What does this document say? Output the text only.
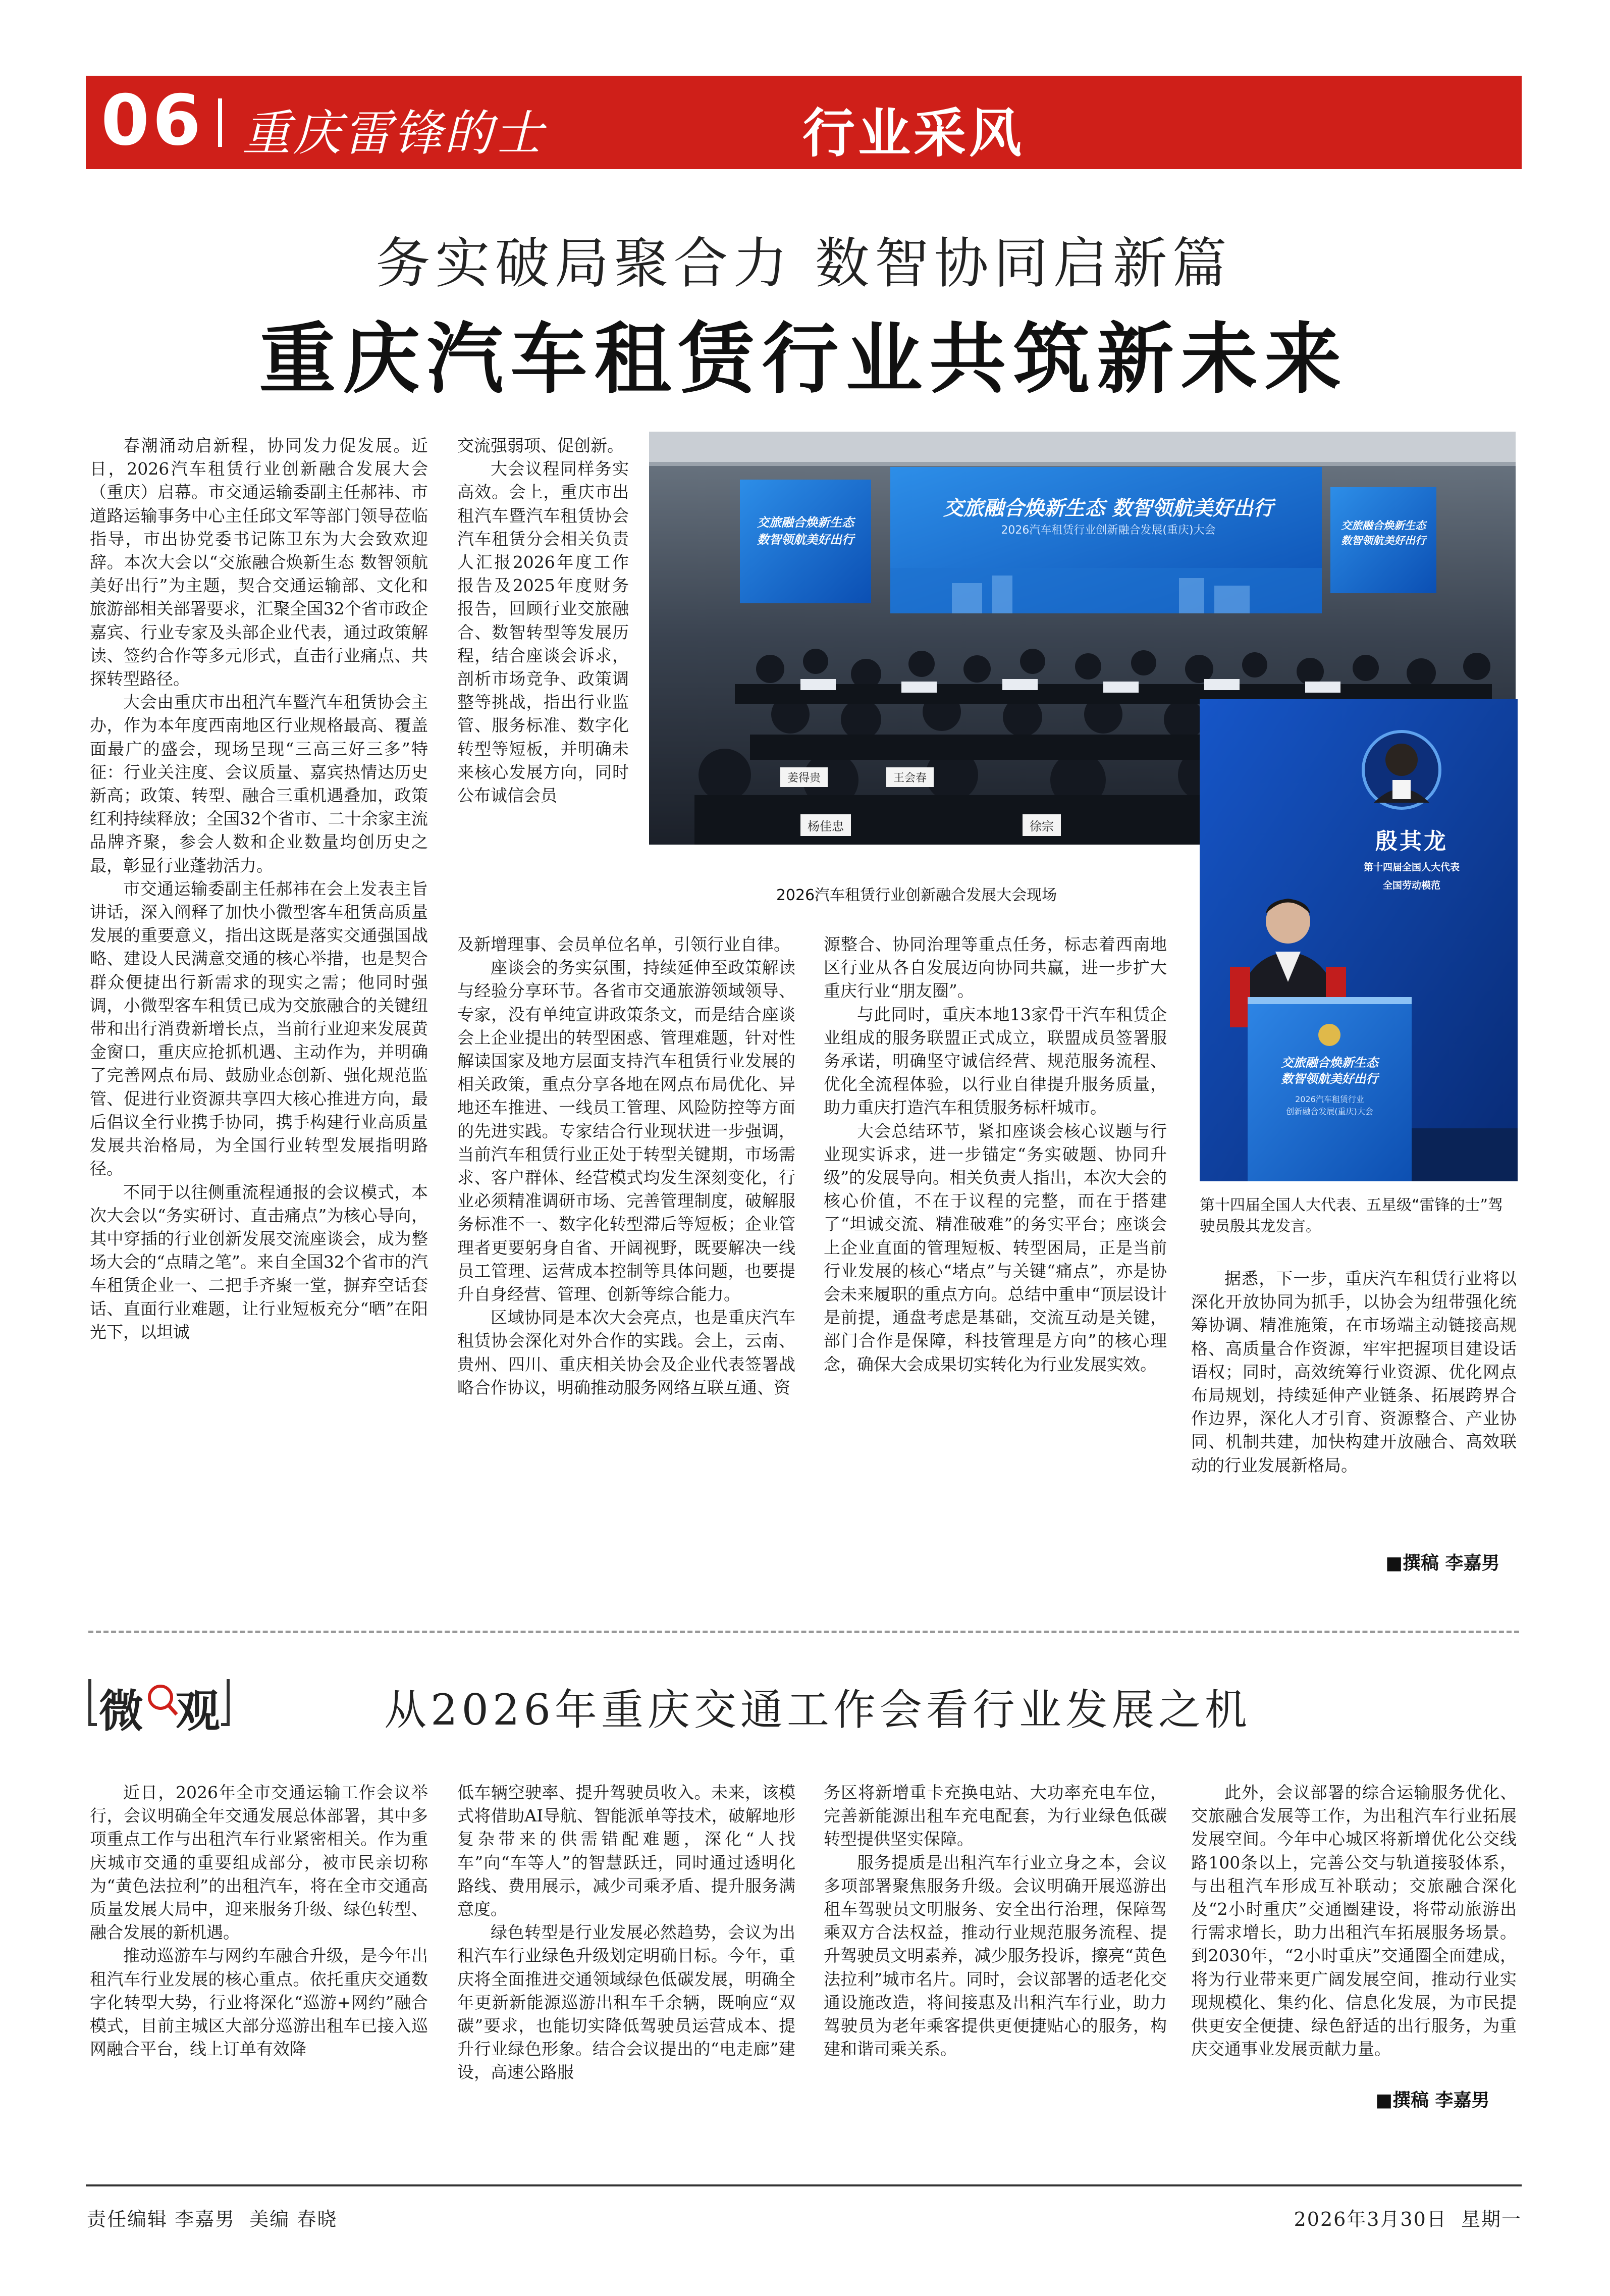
06 重庆雷锋的士	行业采风
务实破局聚合力 数智协同启新篇
重庆汽车租赁行业共筑新未来

春潮涌动启新程，协同发力促发展。近日，2026汽车租赁行业创新融合发展大会（重庆）启幕。市交通运输委副主任郝祎、市道路运输事务中心主任邱文军等部门领导莅临指导，市出协党委书记陈卫东为大会致欢迎辞。本次大会以“交旅融合焕新生态 数智领航美好出行”为主题，契合交通运输部、文化和旅游部相关部署要求，汇聚全国32个省市政企嘉宾、行业专家及头部企业代表，通过政策解读、签约合作等多元形式，直击行业痛点、共探转型路径。

大会由重庆市出租汽车暨汽车租赁协会主办，作为本年度西南地区行业规格最高、覆盖面最广的盛会，现场呈现“三高三好三多”特征：行业关注度、会议质量、嘉宾热情达历史新高；政策、转型、融合三重机遇叠加，政策红利持续释放；全国32个省市、二十余家主流品牌齐聚，参会人数和企业数量均创历史之最，彰显行业蓬勃活力。

市交通运输委副主任郝祎在会上发表主旨讲话，深入阐释了加快小微型客车租赁高质量发展的重要意义，指出这既是落实交通强国战略、建设人民满意交通的核心举措，也是契合群众便捷出行新需求的现实之需；他同时强调，小微型客车租赁已成为交旅融合的关键纽带和出行消费新增长点，当前行业迎来发展黄金窗口，重庆应抢抓机遇、主动作为，并明确了完善网点布局、鼓励业态创新、强化规范监管、促进行业资源共享四大核心推进方向，最后倡议全行业携手协同，携手构建行业高质量发展共治格局，为全国行业转型发展指明路径。

不同于以往侧重流程通报的会议模式，本次大会以“务实研讨、直击痛点”为核心导向，其中穿插的行业创新发展交流座谈会，成为整场大会的“点睛之笔”。来自全国32个省市的汽车租赁企业一、二把手齐聚一堂，摒弃空话套话、直面行业难题，让行业短板充分“晒”在阳光下，以坦诚

交流强弱项、促创新。

大会议程同样务实高效。会上，重庆市出租汽车暨汽车租赁协会汽车租赁分会相关负责人汇报2026年度工作报告及2025年度财务报告，回顾行业交旅融合、数智转型等发展历程，结合座谈会诉求，剖析市场竞争、政策调整等挑战，指出行业监管、服务标准、数字化转型等短板，并明确未来核心发展方向，同时公布诚信会员

及新增理事、会员单位名单，引领行业自律。

座谈会的务实氛围，持续延伸至政策解读与经验分享环节。各省市交通旅游领域领导、专家，没有单纯宣讲政策条文，而是结合座谈会上企业提出的转型困惑、管理难题，针对性解读国家及地方层面支持汽车租赁行业发展的相关政策，重点分享各地在网点布局优化、异地还车推进、一线员工管理、风险防控等方面的先进实践。专家结合行业现状进一步强调，当前汽车租赁行业正处于转型关键期，市场需求、客户群体、经营模式均发生深刻变化，行业必须精准调研市场、完善管理制度，破解服务标准不一、数字化转型滞后等短板；企业管理者更要躬身自省、开阔视野，既要解决一线员工管理、运营成本控制等具体问题，也要提升自身经营、管理、创新等综合能力。

区域协同是本次大会亮点，也是重庆汽车租赁协会深化对外合作的实践。会上，云南、贵州、四川、重庆相关协会及企业代表签署战略合作协议，明确推动服务网络互联互通、资

源整合、协同治理等重点任务，标志着西南地区行业从各自发展迈向协同共赢，进一步扩大重庆行业“朋友圈”。

与此同时，重庆本地13家骨干汽车租赁企业组成的服务联盟正式成立，联盟成员签署服务承诺，明确坚守诚信经营、规范服务流程、优化全流程体验，以行业自律提升服务质量，助力重庆打造汽车租赁服务标杆城市。

大会总结环节，紧扣座谈会核心议题与行业现实诉求，进一步锚定“务实破题、协同升级”的发展导向。相关负责人指出，本次大会的核心价值，不在于议程的完整，而在于搭建了“坦诚交流、精准破难”的务实平台；座谈会上企业直面的管理短板、转型困局，正是当前行业发展的核心“堵点”与关键“痛点”，亦是协会未来履职的重点方向。总结中重申“顶层设计是前提，通盘考虑是基础，交流互动是关键，部门合作是保障，科技管理是方向”的核心理念，确保大会成果切实转化为行业发展实效。

据悉，下一步，重庆汽车租赁行业将以深化开放协同为抓手，以协会为纽带强化统筹协调、精准施策，在市场端主动链接高规格、高质量合作资源，牢牢把握项目建设话语权；同时，高效统筹行业资源、优化网点布局规划，持续延伸产业链条、拓展跨界合作边界，深化人才引育、资源整合、产业协同、机制共建，加快构建开放融合、高效联动的行业发展新格局。

■撰稿 李嘉男
交旅融合焕新生态 数智领航美好出行
2026汽车租赁行业创新融合发展(重庆)大会
交旅融合焕新生态
数智领航美好出行
交旅融合焕新生态
数智领航美好出行
姜得贵	王会春
杨佳忠	徐宗
2026汽车租赁行业创新融合发展大会现场
殷其龙
第十四届全国人大代表
全国劳动模范
交旅融合焕新生态
数智领航美好出行
2026汽车租赁行业
创新融合发展(重庆)大会
第十四届全国人大代表、五星级“雷锋的士”驾驶员殷其龙发言。
微 观	从2026年重庆交通工作会看行业发展之机

近日，2026年全市交通运输工作会议举行，会议明确全年交通发展总体部署，其中多项重点工作与出租汽车行业紧密相关。作为重庆城市交通的重要组成部分，被市民亲切称为“黄色法拉利”的出租汽车，将在全市交通高质量发展大局中，迎来服务升级、绿色转型、融合发展的新机遇。

推动巡游车与网约车融合升级，是今年出租汽车行业发展的核心重点。依托重庆交通数字化转型大势，行业将深化“巡游+网约”融合模式，目前主城区大部分巡游出租车已接入巡网融合平台，线上订单有效降

低车辆空驶率、提升驾驶员收入。未来，该模式将借助AI导航、智能派单等技术，破解地形复杂带来的供需错配难题，深化“人找车”向“车等人”的智慧跃迁，同时通过透明化路线、费用展示，减少司乘矛盾、提升服务满意度。

绿色转型是行业发展必然趋势，会议为出租汽车行业绿色升级划定明确目标。今年，重庆将全面推进交通领域绿色低碳发展，明确全年更新新能源巡游出租车千余辆，既响应“双碳”要求，也能切实降低驾驶员运营成本、提升行业绿色形象。结合会议提出的“电走廊”建设，高速公路服

务区将新增重卡充换电站、大功率充电车位，完善新能源出租车充电配套，为行业绿色低碳转型提供坚实保障。

服务提质是出租汽车行业立身之本，会议多项部署聚焦服务升级。会议明确开展巡游出租车驾驶员文明服务、安全出行治理，保障驾乘双方合法权益，推动行业规范服务流程、提升驾驶员文明素养，减少服务投诉，擦亮“黄色法拉利”城市名片。同时，会议部署的适老化交通设施改造，将间接惠及出租汽车行业，助力驾驶员为老年乘客提供更便捷贴心的服务，构建和谐司乘关系。

此外，会议部署的综合运输服务优化、交旅融合发展等工作，为出租汽车行业拓展发展空间。今年中心城区将新增优化公交线路100条以上，完善公交与轨道接驳体系，与出租汽车形成互补联动；交旅融合深化及“2小时重庆”交通圈建设，将带动旅游出行需求增长，助力出租汽车拓展服务场景。到2030年，“2小时重庆”交通圈全面建成，将为行业带来更广阔发展空间，推动行业实现规模化、集约化、信息化发展，为市民提供更安全便捷、绿色舒适的出行服务，为重庆交通事业发展贡献力量。

■撰稿 李嘉男
责任编辑 李嘉男  美编 春晓	2026年3月30日  星期一
